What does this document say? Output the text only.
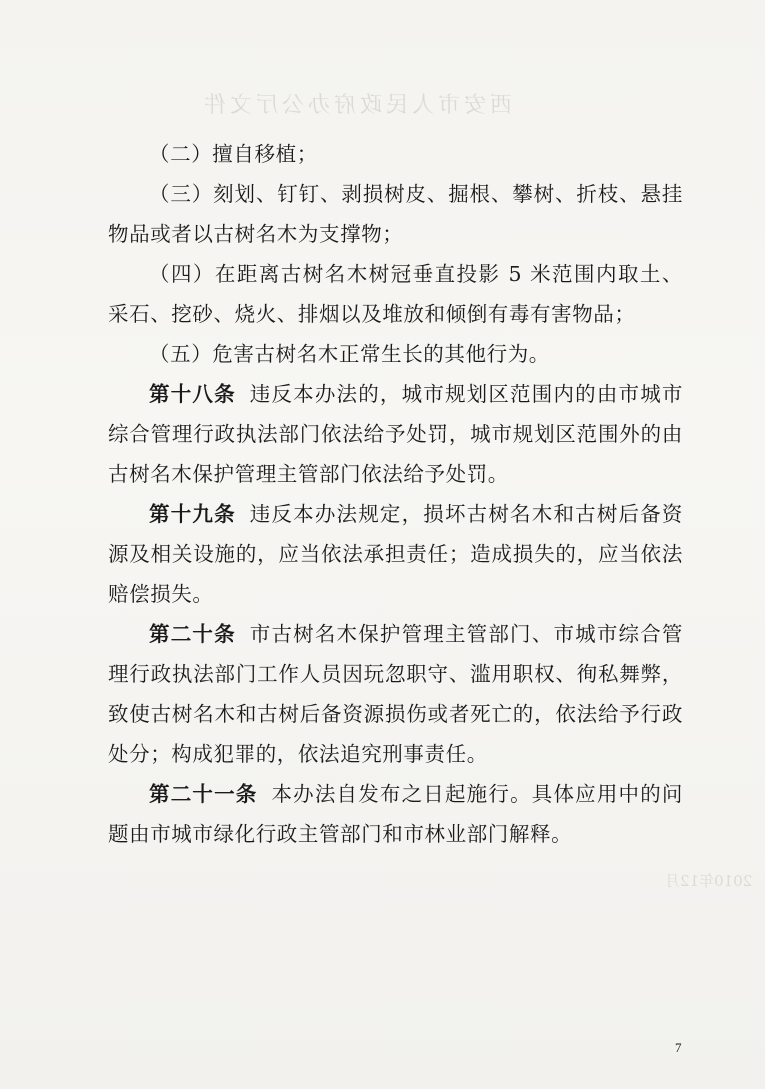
西安市人民政府办公厅文件
2010年12月

（二）擅自移植；

（三）刻划、钉钉、剥损树皮、掘根、攀树、折枝、悬挂物品或者以古树名木为支撑物；

（四）在距离古树名木树冠垂直投影 5 米范围内取土、采石、挖砂、烧火、排烟以及堆放和倾倒有毒有害物品；

（五）危害古树名木正常生长的其他行为。

第十八条 违反本办法的，城市规划区范围内的由市城市综合管理行政执法部门依法给予处罚，城市规划区范围外的由古树名木保护管理主管部门依法给予处罚。

第十九条 违反本办法规定，损坏古树名木和古树后备资源及相关设施的，应当依法承担责任；造成损失的，应当依法赔偿损失。

第二十条 市古树名木保护管理主管部门、市城市综合管理行政执法部门工作人员因玩忽职守、滥用职权、徇私舞弊，致使古树名木和古树后备资源损伤或者死亡的，依法给予行政处分；构成犯罪的，依法追究刑事责任。

第二十一条 本办法自发布之日起施行。具体应用中的问题由市城市绿化行政主管部门和市林业部门解释。

7
